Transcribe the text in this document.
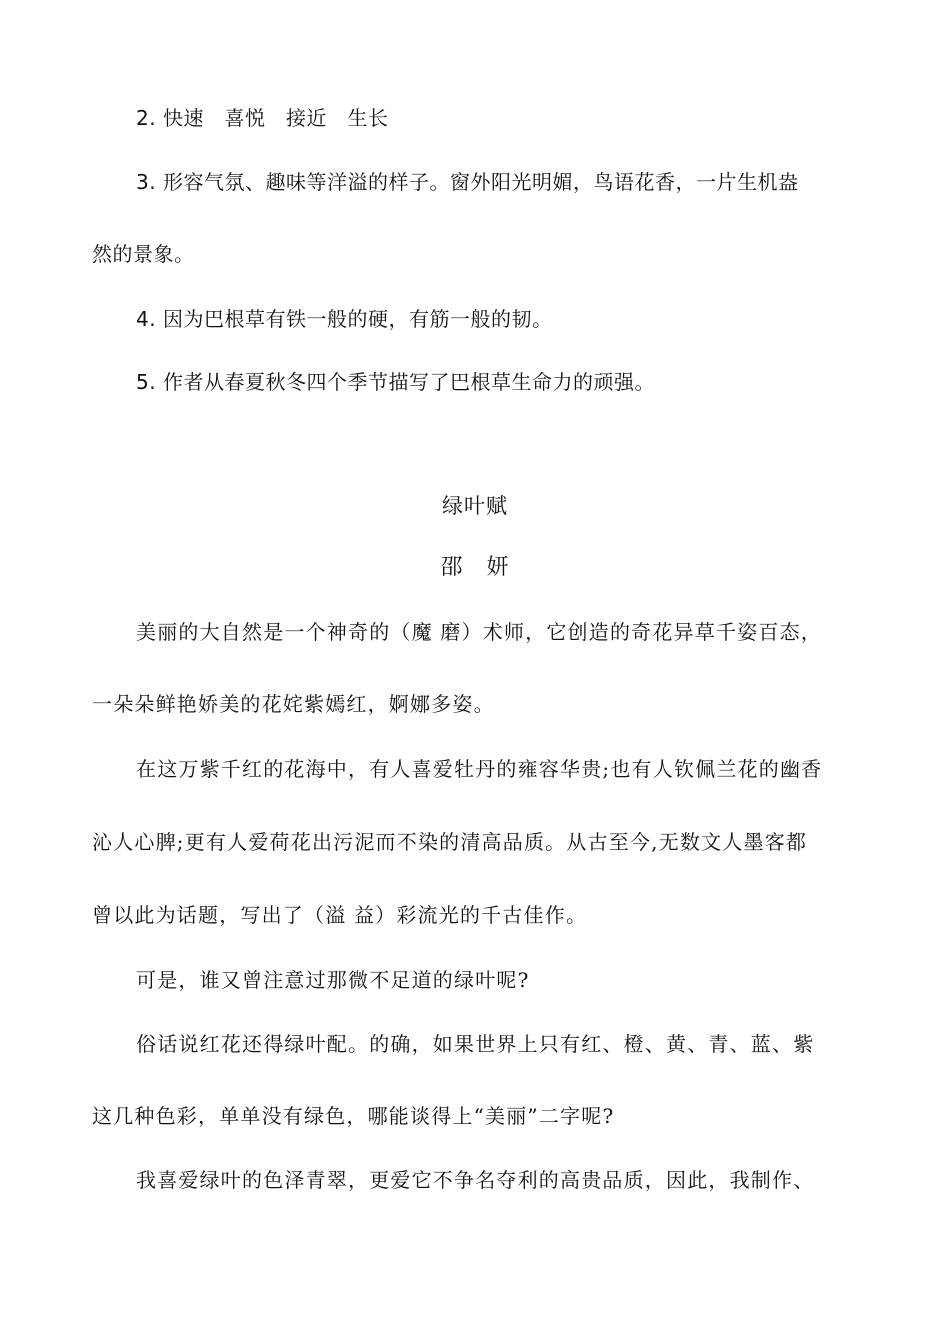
2. 快速　喜悦　接近　生长
3. 形容气氛、趣味等洋溢的样子。窗外阳光明媚，鸟语花香，一片生机盎
然的景象。
4. 因为巴根草有铁一般的硬，有筋一般的韧。
5. 作者从春夏秋冬四个季节描写了巴根草生命力的顽强。
绿叶赋
邵　妍
美丽的大自然是一个神奇的（魔 磨）术师，它创造的奇花异草千姿百态，
一朵朵鲜艳娇美的花姹紫嫣红，婀娜多姿。
在这万紫千红的花海中，有人喜爱牡丹的雍容华贵;也有人钦佩兰花的幽香
沁人心脾;更有人爱荷花出污泥而不染的清高品质。从古至今,无数文人墨客都
曾以此为话题，写出了（溢 益）彩流光的千古佳作。
可是，谁又曾注意过那微不足道的绿叶呢?
俗话说红花还得绿叶配。的确，如果世界上只有红、橙、黄、青、蓝、紫
这几种色彩，单单没有绿色，哪能谈得上“美丽”二字呢?
我喜爱绿叶的色泽青翠，更爱它不争名夺利的高贵品质，因此，我制作、
